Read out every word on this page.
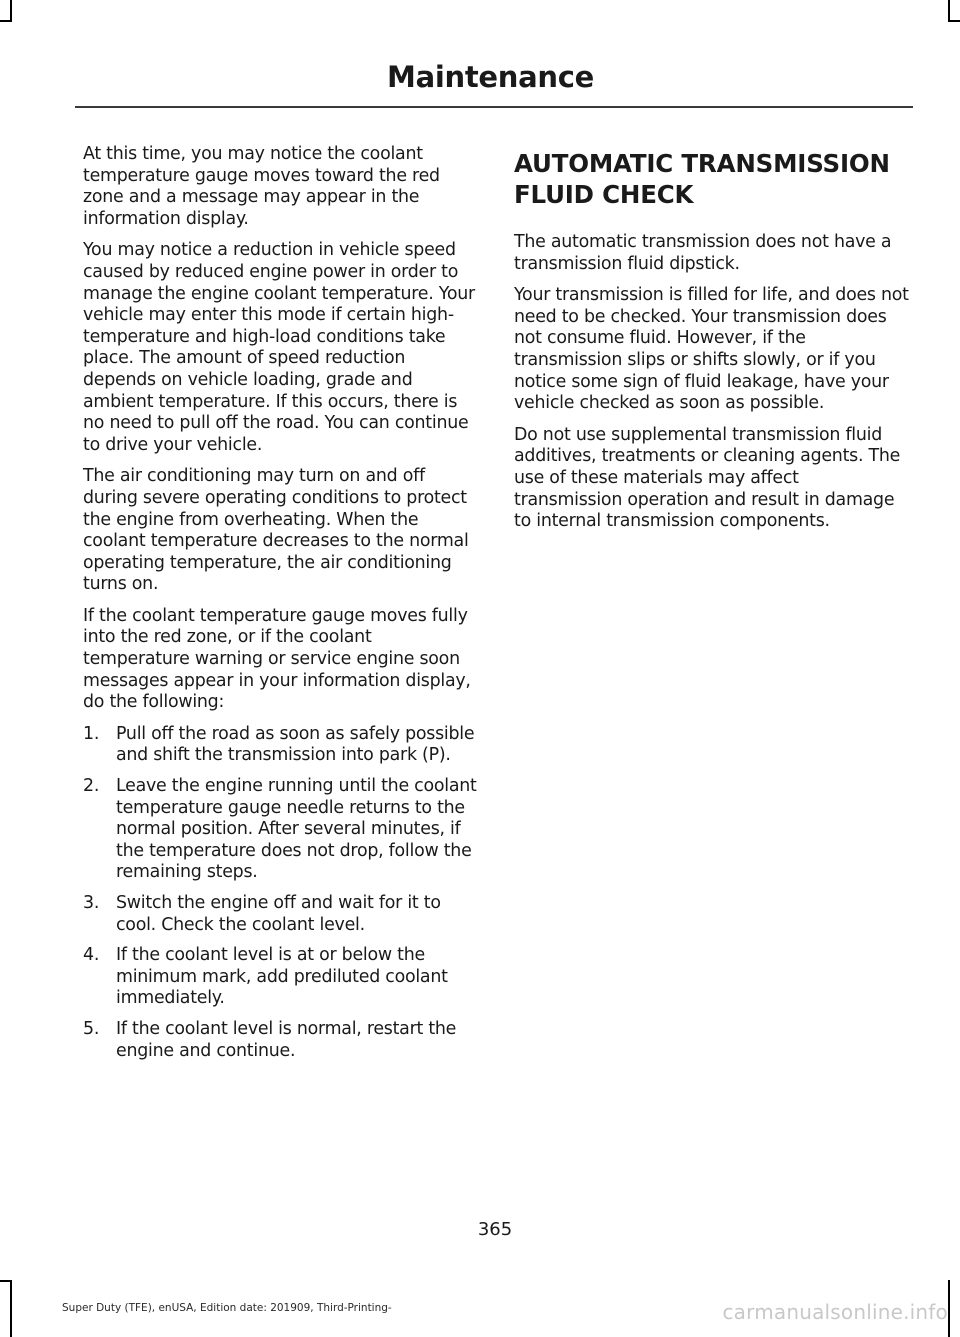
Maintenance

At this time, you may notice the coolant temperature gauge moves toward the red zone and a message may appear in the information display.

You may notice a reduction in vehicle speed caused by reduced engine power in order to manage the engine coolant temperature. Your vehicle may enter this mode if certain high-temperature and high-load conditions take place. The amount of speed reduction depends on vehicle loading, grade and ambient temperature. If this occurs, there is no need to pull off the road. You can continue to drive your vehicle.

The air conditioning may turn on and off during severe operating conditions to protect the engine from overheating. When the coolant temperature decreases to the normal operating temperature, the air conditioning turns on.

If the coolant temperature gauge moves fully into the red zone, or if the coolant temperature warning or service engine soon messages appear in your information display, do the following:

1. Pull off the road as soon as safely possible and shift the transmission into park (P).
2. Leave the engine running until the coolant temperature gauge needle returns to the normal position. After several minutes, if the temperature does not drop, follow the remaining steps.
3. Switch the engine off and wait for it to cool. Check the coolant level.
4. If the coolant level is at or below the minimum mark, add prediluted coolant immediately.
5. If the coolant level is normal, restart the engine and continue.
AUTOMATIC TRANSMISSION FLUID CHECK

The automatic transmission does not have a transmission fluid dipstick.

Your transmission is filled for life, and does not need to be checked. Your transmission does not consume fluid. However, if the transmission slips or shifts slowly, or if you notice some sign of fluid leakage, have your vehicle checked as soon as possible.

Do not use supplemental transmission fluid additives, treatments or cleaning agents. The use of these materials may affect transmission operation and result in damage to internal transmission components.

365
Super Duty (TFE), enUSA, Edition date: 201909, Third-Printing-	carmanualsonline.info
